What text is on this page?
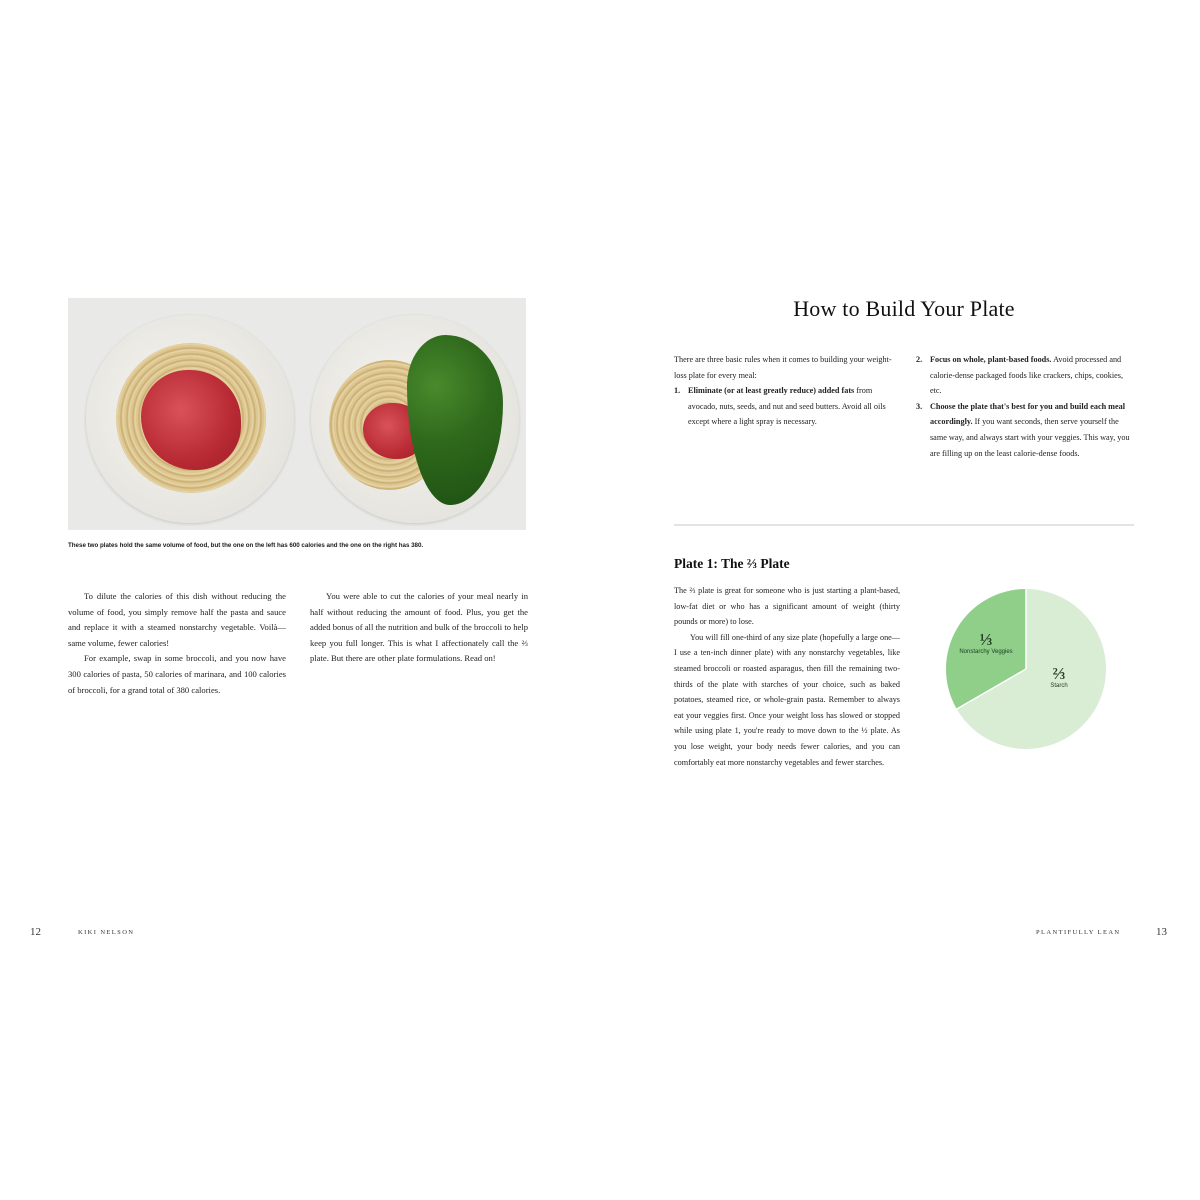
These two plates hold the same volume of food, but the one on the left has 600 calories and the one on the right has 380.

To dilute the calories of this dish without reducing the volume of food, you simply remove half the pasta and sauce and replace it with a steamed nonstarchy vegetable. Voilà—same volume, fewer calories!

For example, swap in some broccoli, and you now have 300 calories of pasta, 50 calories of marinara, and 100 calories of broccoli, for a grand total of 380 calories.

You were able to cut the calories of your meal nearly in half without reducing the amount of food. Plus, you get the added bonus of all the nutrition and bulk of the broccoli to help keep you full longer. This is what I affectionately call the ⅔ plate. But there are other plate formulations. Read on!

12	KIKI NELSON
How to Build Your Plate

There are three basic rules when it comes to building your weight-loss plate for every meal:

1. Eliminate (or at least greatly reduce) added fats from avocado, nuts, seeds, and nut and seed butters. Avoid all oils except where a light spray is necessary.
2. Focus on whole, plant-based foods. Avoid processed and calorie-dense packaged foods like crackers, chips, cookies, etc.
3. Choose the plate that's best for you and build each meal accordingly. If you want seconds, then serve yourself the same way, and always start with your veggies. This way, you are filling up on the least calorie-dense foods.
Plate 1: The ⅔ Plate

The ⅔ plate is great for someone who is just starting a plant-based, low-fat diet or who has a significant amount of weight (thirty pounds or more) to lose.

You will fill one-third of any size plate (hopefully a large one—I use a ten-inch dinner plate) with any nonstarchy vegetables, like steamed broccoli or roasted asparagus, then fill the remaining two-thirds of the plate with starches of your choice, such as baked potatoes, steamed rice, or whole-grain pasta. Remember to always eat your veggies first. Once your weight loss has slowed or stopped while using plate 1, you're ready to move down to the ½ plate. As you lose weight, your body needs fewer calories, and you can comfortably eat more nonstarchy vegetables and fewer starches.

⅓
Nonstarchy Veggies
⅔
Starch
PLANTIFULLY LEAN	13
